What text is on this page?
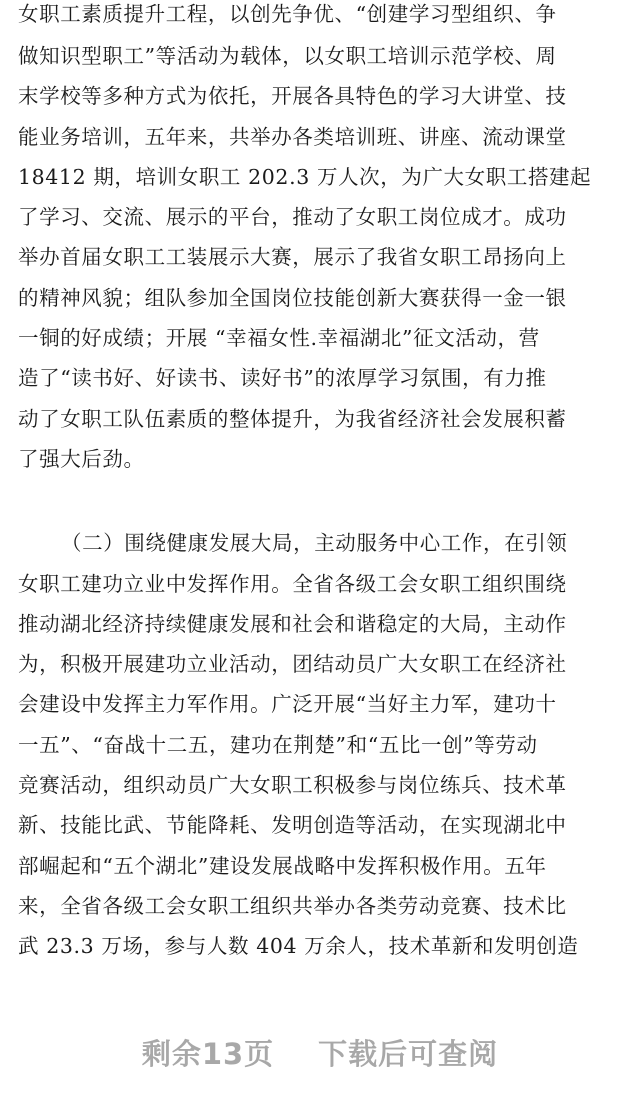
女职工素质提升工程，以创先争优、“创建学习型组织、争
做知识型职工”等活动为载体，以女职工培训示范学校、周
末学校等多种方式为依托，开展各具特色的学习大讲堂、技
能业务培训，五年来，共举办各类培训班、讲座、流动课堂
18412 期，培训女职工 202.3 万人次，为广大女职工搭建起
了学习、交流、展示的平台，推动了女职工岗位成才。成功
举办首届女职工工装展示大赛，展示了我省女职工昂扬向上
的精神风貌；组队参加全国岗位技能创新大赛获得一金一银
一铜的好成绩；开展 “幸福女性.幸福湖北”征文活动，营
造了“读书好、好读书、读好书”的浓厚学习氛围，有力推
动了女职工队伍素质的整体提升，为我省经济社会发展积蓄
了强大后劲。
（二）围绕健康发展大局，主动服务中心工作，在引领
女职工建功立业中发挥作用。全省各级工会女职工组织围绕
推动湖北经济持续健康发展和社会和谐稳定的大局，主动作
为，积极开展建功立业活动，团结动员广大女职工在经济社
会建设中发挥主力军作用。广泛开展“当好主力军，建功十
一五”、“奋战十二五，建功在荆楚”和“五比一创”等劳动
竞赛活动，组织动员广大女职工积极参与岗位练兵、技术革
新、技能比武、节能降耗、发明创造等活动，在实现湖北中
部崛起和“五个湖北”建设发展战略中发挥积极作用。五年
来，全省各级工会女职工组织共举办各类劳动竞赛、技术比
武 23.3 万场，参与人数 404 万余人，技术革新和发明创造
剩余13页 下载后可查阅
